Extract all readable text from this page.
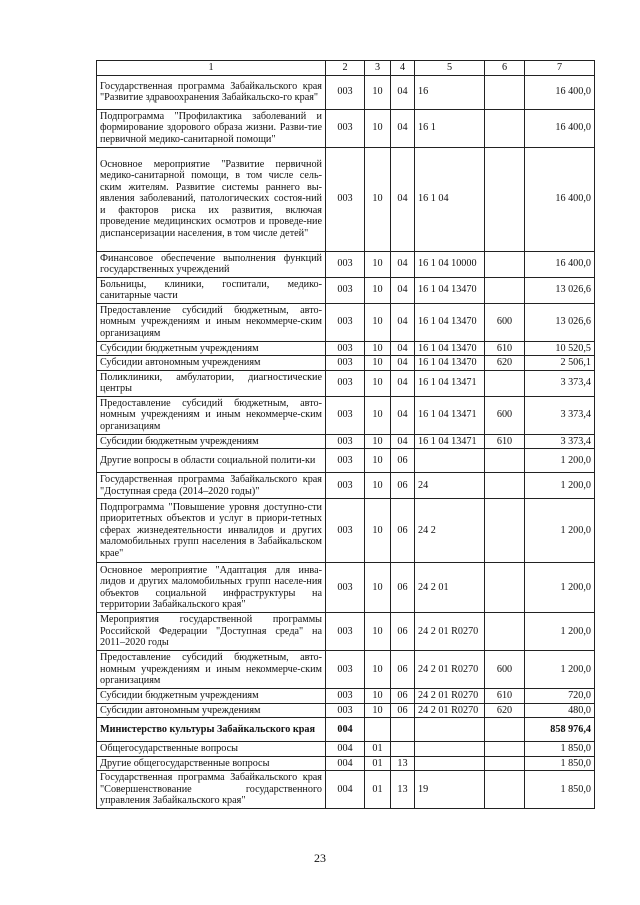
1	2	3	4	5	6	7
Государственная программа Забайкальского края "Развитие здравоохранения Забайкальско-го края"	003	10	04	16		16 400,0
Подпрограмма "Профилактика заболеваний и формирование здорового образа жизни. Разви-тие первичной медико-санитарной помощи"	003	10	04	16 1		16 400,0
Основное мероприятие "Развитие первичной медико-санитарной помощи, в том числе сель-ским жителям. Развитие системы раннего вы-явления заболеваний, патологических состоя-ний и факторов риска их развития, включая проведение медицинских осмотров и проведе-ние диспансеризации населения, в том числе детей"	003	10	04	16 1 04		16 400,0
Финансовое обеспечение выполнения функций государственных учреждений	003	10	04	16 1 04 10000		16 400,0
Больницы, клиники, госпитали, медико-санитарные части	003	10	04	16 1 04 13470		13 026,6
Предоставление субсидий бюджетным, авто-номным учреждениям и иным некоммерче-ским организациям	003	10	04	16 1 04 13470	600	13 026,6
Субсидии бюджетным учреждениям	003	10	04	16 1 04 13470	610	10 520,5
Субсидии автономным учреждениям	003	10	04	16 1 04 13470	620	2 506,1
Поликлиники, амбулатории, диагностические центры	003	10	04	16 1 04 13471		3 373,4
Предоставление субсидий бюджетным, авто-номным учреждениям и иным некоммерче-ским организациям	003	10	04	16 1 04 13471	600	3 373,4
Субсидии бюджетным учреждениям	003	10	04	16 1 04 13471	610	3 373,4
Другие вопросы в области социальной полити-ки	003	10	06			1 200,0
Государственная программа Забайкальского края "Доступная среда (2014–2020 годы)"	003	10	06	24		1 200,0
Подпрограмма "Повышение уровня доступно-сти приоритетных объектов и услуг в приори-тетных сферах жизнедеятельности инвалидов и других маломобильных групп населения в Забайкальском крае"	003	10	06	24 2		1 200,0
Основное мероприятие "Адаптация для инва-лидов и других маломобильных групп населе-ния объектов социальной инфраструктуры на территории Забайкальского края"	003	10	06	24 2 01		1 200,0
Мероприятия государственной программы Российской Федерации "Доступная среда" на 2011–2020 годы	003	10	06	24 2 01 R0270		1 200,0
Предоставление субсидий бюджетным, авто-номным учреждениям и иным некоммерче-ским организациям	003	10	06	24 2 01 R0270	600	1 200,0
Субсидии бюджетным учреждениям	003	10	06	24 2 01 R0270	610	720,0
Субсидии автономным учреждениям	003	10	06	24 2 01 R0270	620	480,0
Министерство культуры Забайкальского края	004					858 976,4
Общегосударственные вопросы	004	01				1 850,0
Другие общегосударственные вопросы	004	01	13			1 850,0
Государственная программа Забайкальского края "Совершенствование государственного управления Забайкальского края"	004	01	13	19		1 850,0
23
